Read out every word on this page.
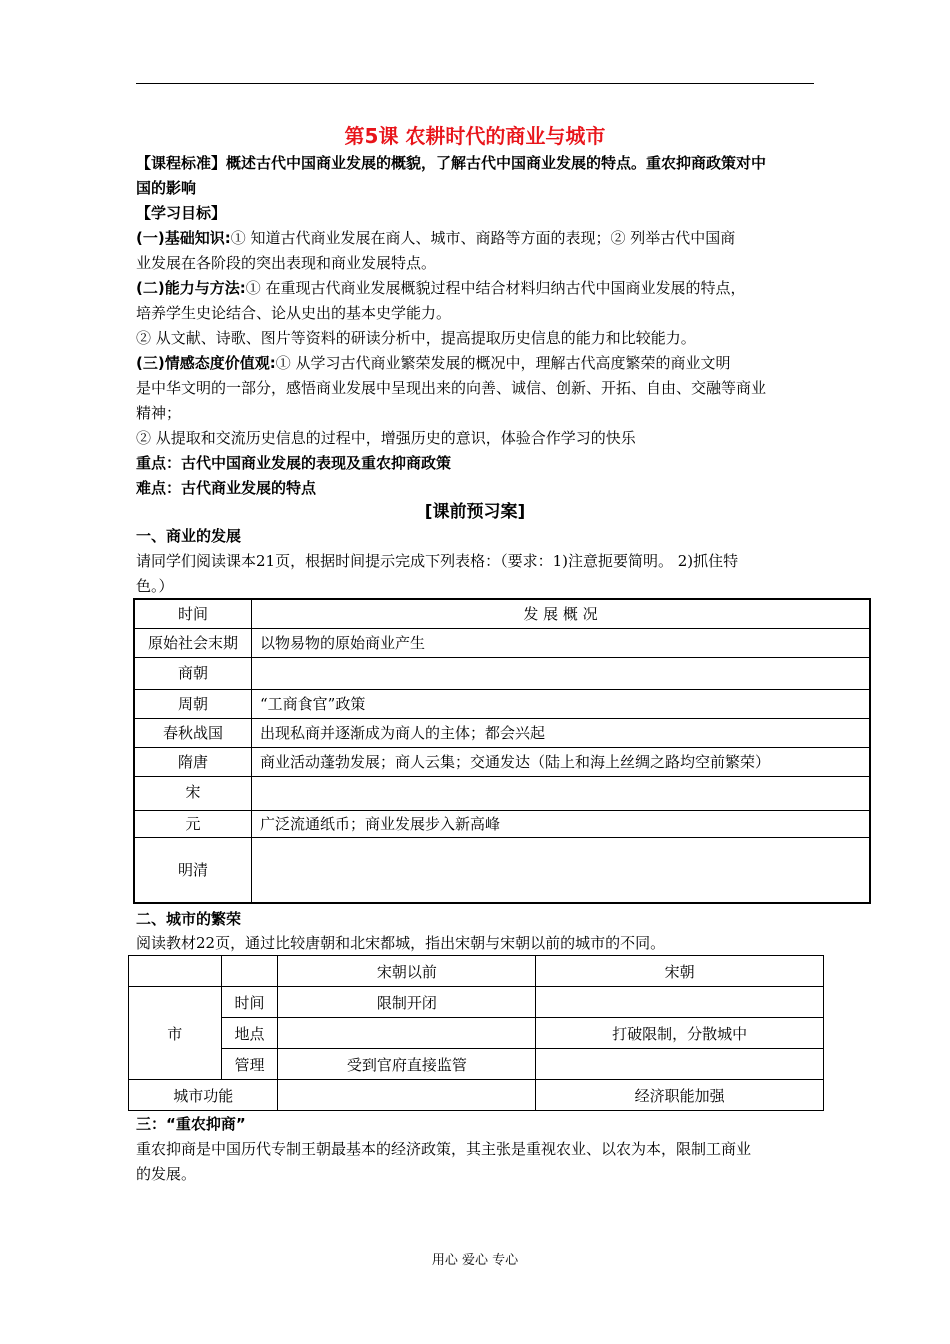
第5课 农耕时代的商业与城市
【课程标准】概述古代中国商业发展的概貌，了解古代中国商业发展的特点。重农抑商政策对中
国的影响
【学习目标】
(一)基础知识:① 知道古代商业发展在商人、城市、商路等方面的表现；② 列举古代中国商
业发展在各阶段的突出表现和商业发展特点。
(二)能力与方法:① 在重现古代商业发展概貌过程中结合材料归纳古代中国商业发展的特点，
培养学生史论结合、论从史出的基本史学能力。
② 从文献、诗歌、图片等资料的研读分析中，提高提取历史信息的能力和比较能力。
(三)情感态度价值观:① 从学习古代商业繁荣发展的概况中，理解古代高度繁荣的商业文明
是中华文明的一部分，感悟商业发展中呈现出来的向善、诚信、创新、开拓、自由、交融等商业
精神；
② 从提取和交流历史信息的过程中，增强历史的意识，体验合作学习的快乐
重点：古代中国商业发展的表现及重农抑商政策
难点：古代商业发展的特点
[课前预习案]
一、商业的发展
请同学们阅读课本21页，根据时间提示完成下列表格：（要求：1)注意扼要简明。 2)抓住特
色。）
时间	发 展 概 况
原始社会末期	以物易物的原始商业产生
商朝	
周朝	“工商食官”政策
春秋战国	出现私商并逐渐成为商人的主体；都会兴起
隋唐	商业活动蓬勃发展；商人云集；交通发达（陆上和海上丝绸之路均空前繁荣）
宋	
元	广泛流通纸币；商业发展步入新高峰
明清	
二、城市的繁荣
阅读教材22页，通过比较唐朝和北宋都城，指出宋朝与宋朝以前的城市的不同。
		宋朝以前	宋朝
市	时间	限制开闭	
	地点		打破限制，分散城中
	管理	受到官府直接监管	
城市功能			经济职能加强
三：“重农抑商”
重农抑商是中国历代专制王朝最基本的经济政策，其主张是重视农业、以农为本，限制工商业
的发展。
用心 爱心 专心
